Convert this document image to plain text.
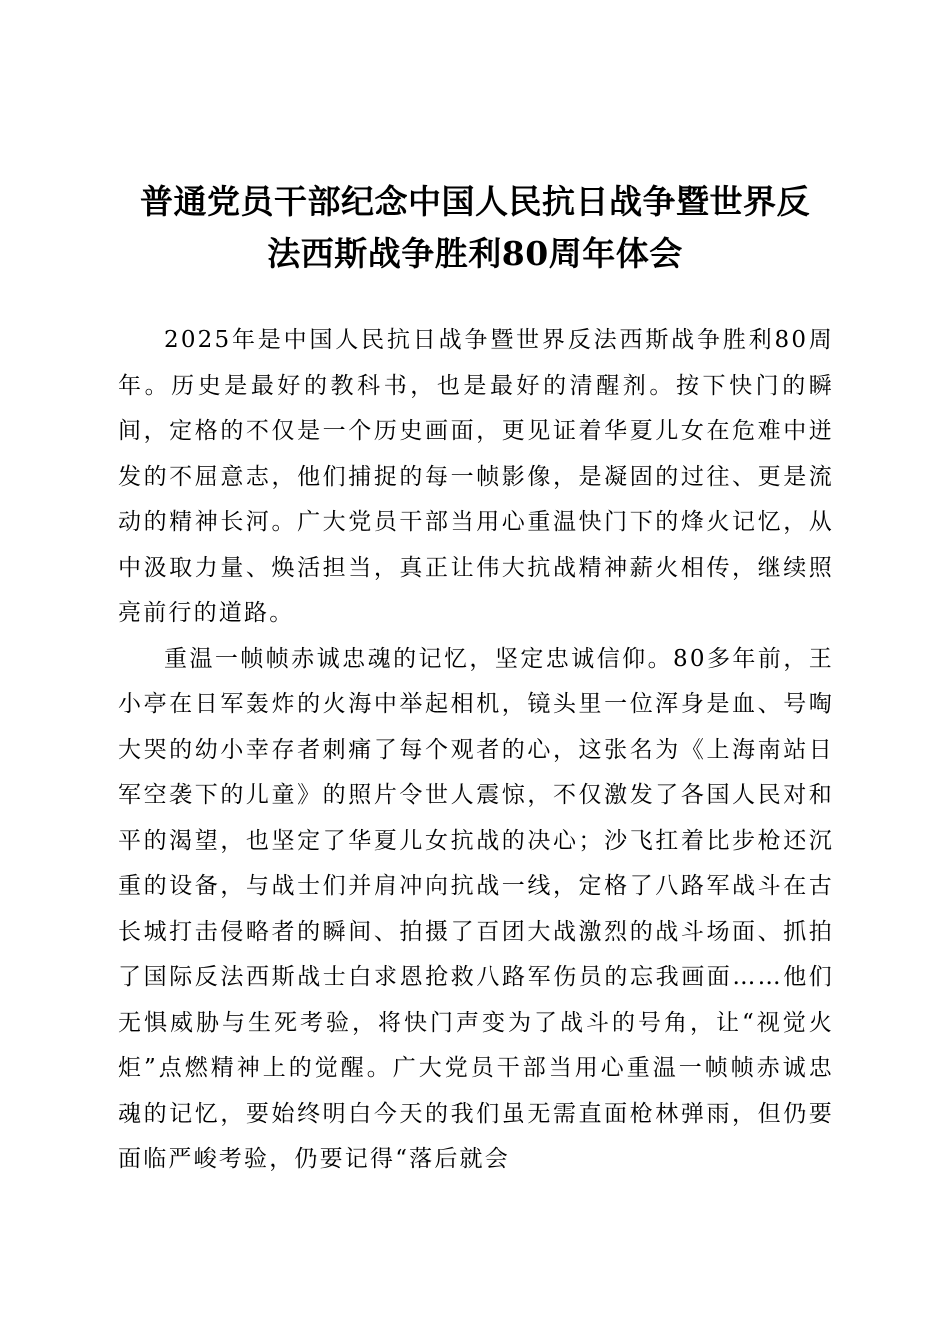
普通党员干部纪念中国人民抗日战争暨世界反
法西斯战争胜利80周年体会

2025年是中国人民抗日战争暨世界反法西斯战争胜利80周年。历史是最好的教科书，也是最好的清醒剂。按下快门的瞬间，定格的不仅是一个历史画面，更见证着华夏儿女在危难中迸发的不屈意志，他们捕捉的每一帧影像，是凝固的过往、更是流动的精神长河。广大党员干部当用心重温快门下的烽火记忆，从中汲取力量、焕活担当，真正让伟大抗战精神薪火相传，继续照亮前行的道路。

重温一帧帧赤诚忠魂的记忆，坚定忠诚信仰。80多年前，王小亭在日军轰炸的火海中举起相机，镜头里一位浑身是血、号啕大哭的幼小幸存者刺痛了每个观者的心，这张名为《上海南站日军空袭下的儿童》的照片令世人震惊，不仅激发了各国人民对和平的渴望，也坚定了华夏儿女抗战的决心；沙飞扛着比步枪还沉重的设备，与战士们并肩冲向抗战一线，定格了八路军战斗在古长城打击侵略者的瞬间、拍摄了百团大战激烈的战斗场面、抓拍了国际反法西斯战士白求恩抢救八路军伤员的忘我画面……他们无惧威胁与生死考验，将快门声变为了战斗的号角，让“视觉火炬”点燃精神上的觉醒。广大党员干部当用心重温一帧帧赤诚忠魂的记忆，要始终明白今天的我们虽无需直面枪林弹雨，但仍要面临严峻考验，仍要记得“落后就会
